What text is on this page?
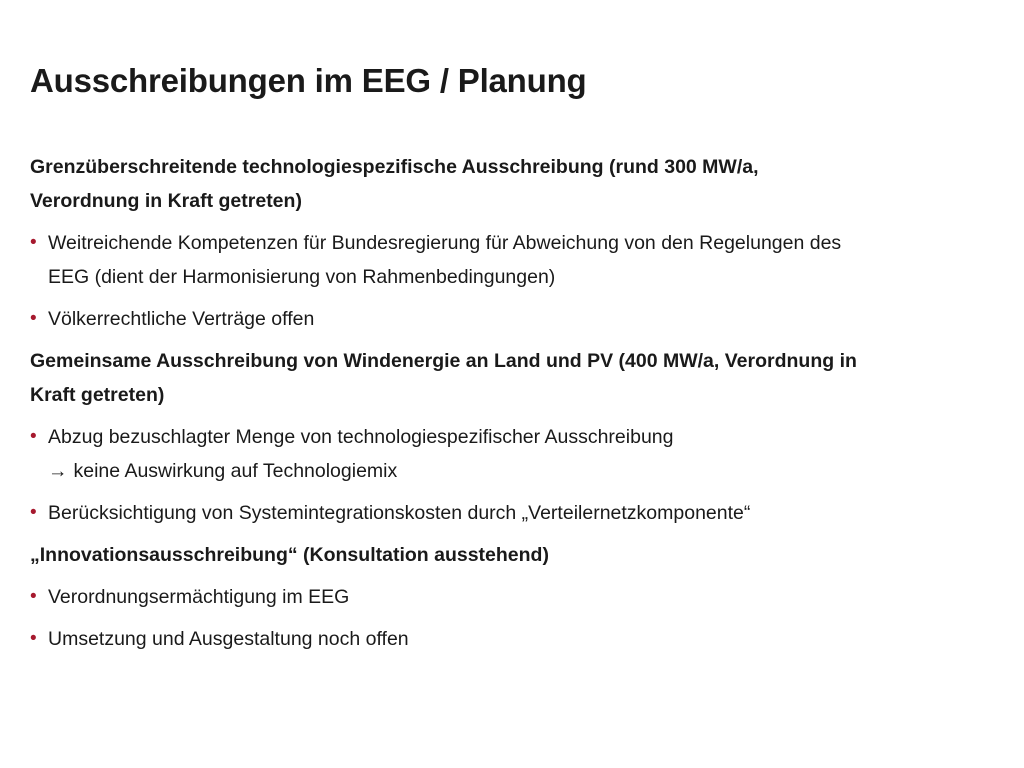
Ausschreibungen im EEG / Planung

Grenzüberschreitende technologiespezifische Ausschreibung (rund 300 MW/a,
Verordnung in Kraft getreten)

• Weitreichende Kompetenzen für Bundesregierung für Abweichung von den Regelungen des
EEG (dient der Harmonisierung von Rahmenbedingungen)
• Völkerrechtliche Verträge offen

Gemeinsame Ausschreibung von Windenergie an Land und PV (400 MW/a, Verordnung in
Kraft getreten)

• Abzug bezuschlagter Menge von technologiespezifischer Ausschreibung
→ keine Auswirkung auf Technologiemix
• Berücksichtigung von Systemintegrationskosten durch „Verteilernetzkomponente“

„Innovationsausschreibung“ (Konsultation ausstehend)

• Verordnungsermächtigung im EEG
• Umsetzung und Ausgestaltung noch offen
